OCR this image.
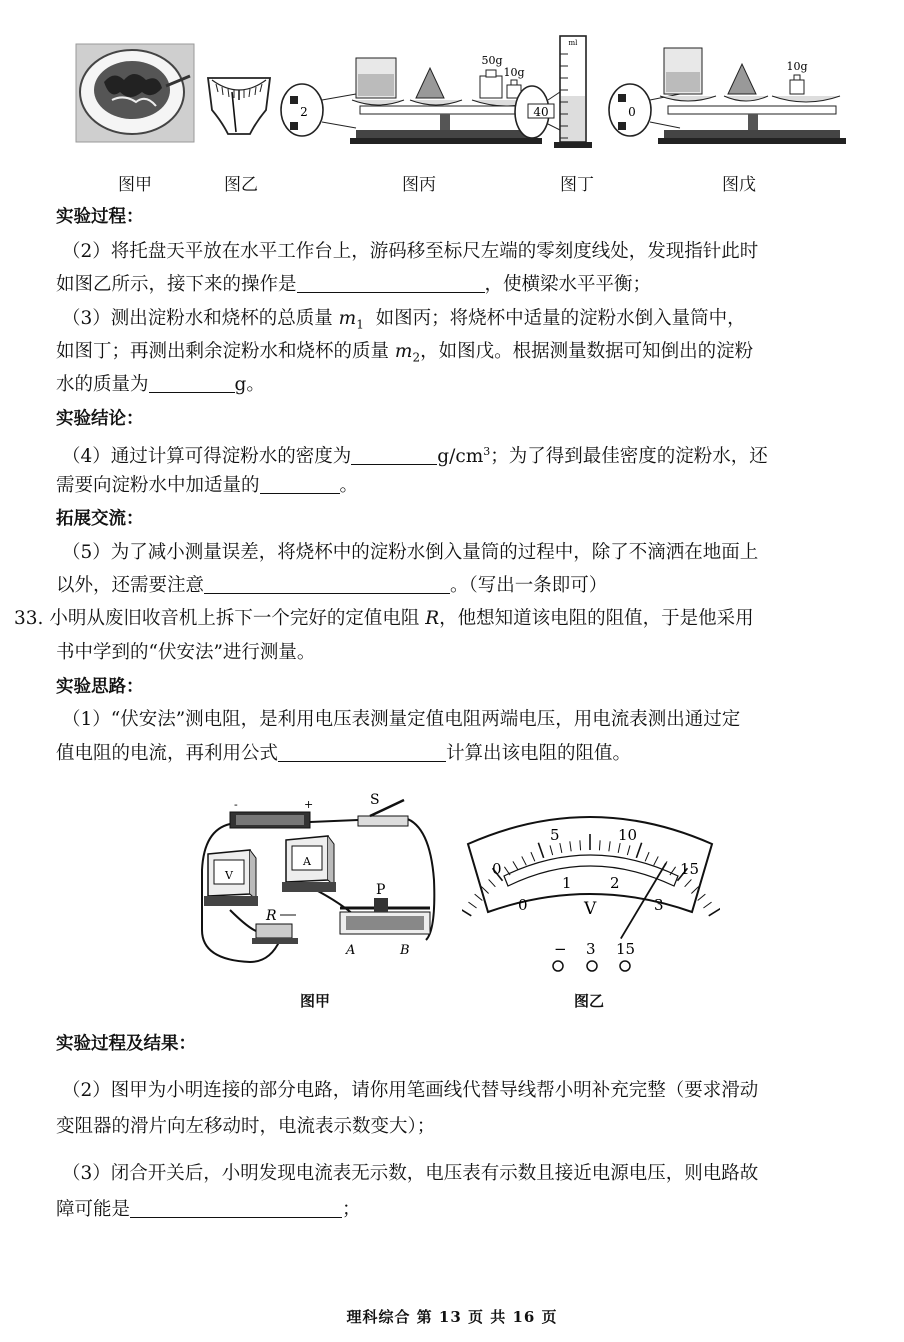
2
50g
10g
40
ml
0
10g
图甲	图乙	图丙	图丁	图戊
实验过程：
（2）将托盘天平放在水平工作台上，游码移至标尺左端的零刻度线处，发现指针此时
如图乙所示，接下来的操作是	，使横梁水平平衡；
（3）测出淀粉水和烧杯的总质量 $m_1$ 如图丙；将烧杯中适量的淀粉水倒入量筒中，
如图丁；再测出剩余淀粉水和烧杯的质量 $m_2$，如图戊。根据测量数据可知倒出的淀粉
水的质量为	g。
实验结论：
（4）通过计算可得淀粉水的密度为	$g/cm^3$；为了得到最佳密度的淀粉水，还
需要向淀粉水中加适量的	。
拓展交流：
（5）为了减小测量误差，将烧杯中的淀粉水倒入量筒的过程中，除了不滴洒在地面上
以外，还需要注意	。（写出一条即可）
33. 小明从废旧收音机上拆下一个完好的定值电阻 R，他想知道该电阻的阻值，于是他采用
书中学到的“伏安法”进行测量。
实验思路：
（1）“伏安法”测电阻，是利用电压表测量定值电阻两端电压，用电流表测出通过定
值电阻的电流，再利用公式	计算出该电阻的阻值。
-	+	S
V
A
R
P
A	B
0
5	10
15
0
1	2
3
V
− 3 15
图甲	图乙
实验过程及结果：
（2）图甲为小明连接的部分电路，请你用笔画线代替导线帮小明补充完整（要求滑动
变阻器的滑片向左移动时，电流表示数变大）；
（3）闭合开关后，小明发现电流表无示数，电压表有示数且接近电源电压，则电路故
障可能是	；
理科综合 第 13 页 共 16 页
